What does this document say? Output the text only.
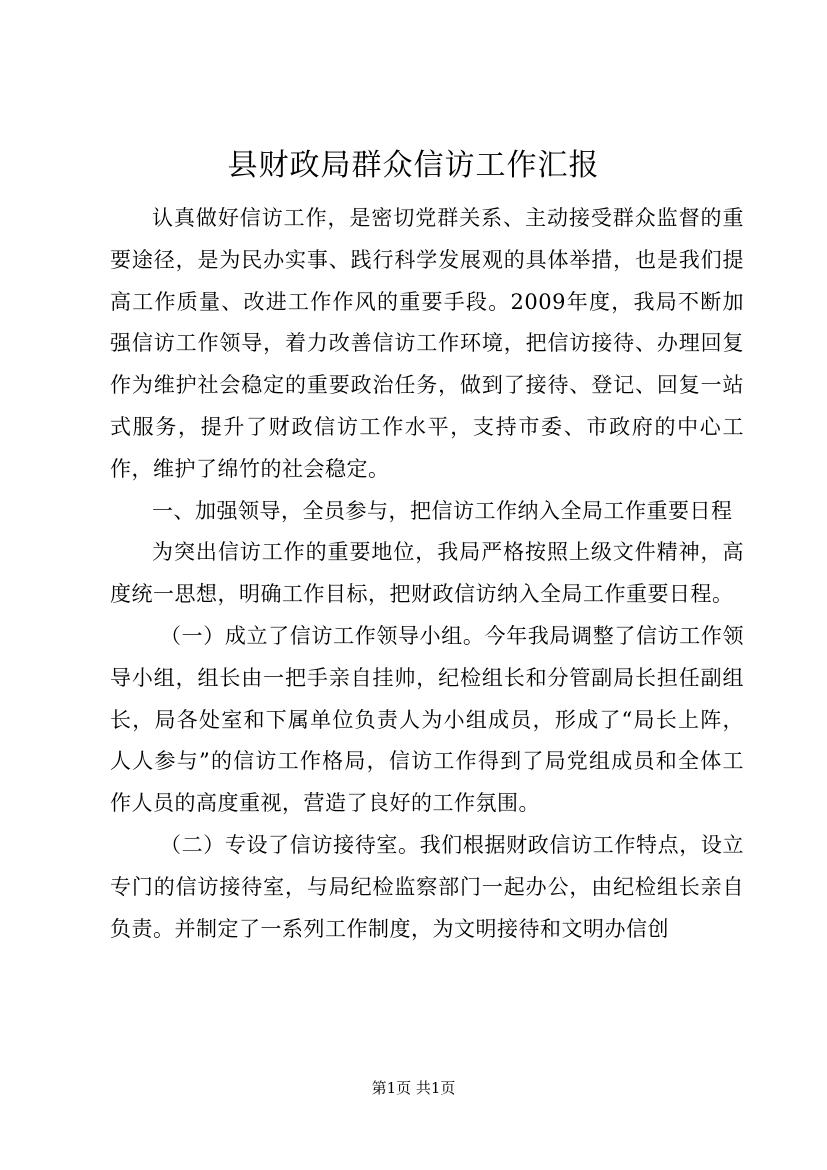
县财政局群众信访工作汇报

认真做好信访工作，是密切党群关系、主动接受群众监督的重要途径，是为民办实事、践行科学发展观的具体举措，也是我们提高工作质量、改进工作作风的重要手段。2009年度，我局不断加强信访工作领导，着力改善信访工作环境，把信访接待、办理回复作为维护社会稳定的重要政治任务，做到了接待、登记、回复一站式服务，提升了财政信访工作水平，支持市委、市政府的中心工作，维护了绵竹的社会稳定。

一、加强领导，全员参与，把信访工作纳入全局工作重要日程

为突出信访工作的重要地位，我局严格按照上级文件精神，高度统一思想，明确工作目标，把财政信访纳入全局工作重要日程。

（一）成立了信访工作领导小组。今年我局调整了信访工作领导小组，组长由一把手亲自挂帅，纪检组长和分管副局长担任副组长，局各处室和下属单位负责人为小组成员，形成了“局长上阵，人人参与”的信访工作格局，信访工作得到了局党组成员和全体工作人员的高度重视，营造了良好的工作氛围。

（二）专设了信访接待室。我们根据财政信访工作特点，设立专门的信访接待室，与局纪检监察部门一起办公，由纪检组长亲自负责。并制定了一系列工作制度，为文明接待和文明办信创

第1页 共1页
